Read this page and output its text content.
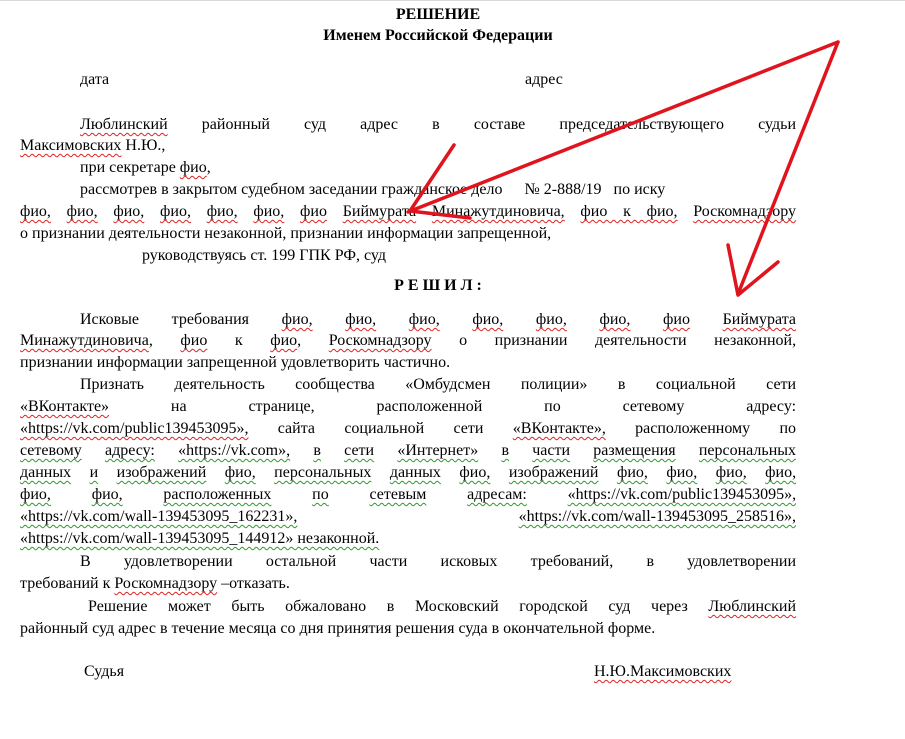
РЕШЕНИЕ
Именем Российской Федерации
дата	адрес
Люблинский районный суд адрес в составе председательствующего судьи
Максимовских Н.Ю.,
при секретаре фио,
рассмотрев в закрытом судебном заседании гражданское дело № 2-888/19 по иску
фио, фио, фио, фио, фио, фио, фио Биймурата Минажутдиновича, фио к фио, Роскомнадзору
о признании деятельности незаконной, признании информации запрещенной,
руководствуясь ст. 199 ГПК РФ, суд
Р Е Ш И Л :
Исковые требования фио, фио, фио, фио, фио, фио, фио Биймурата
Минажутдиновича, фио к фио, Роскомнадзору о признании деятельности незаконной,
признании информации запрещенной удовлетворить частично.
Признать деятельность сообщества «Омбудсмен полиции» в социальной сети
«ВКонтакте»	на	странице,	расположенной	по	сетевому	адресу:
«https://vk.com/public139453095», сайта социальной сети «ВКонтакте», расположенному по
сетевому адресу: «https://vk.com», в сети «Интернет» в части размещения персональных
данных и изображений фио, персональных данных фио, изображений фио, фио, фио, фио,
фио,	фио,	расположенных	по	сетевым	адресам:	«https://vk.com/public139453095»,
«https://vk.com/wall-139453095_162231»,	«https://vk.com/wall-139453095_258516»,
«https://vk.com/wall-139453095_144912» незаконной.
В удовлетворении остальной части исковых требований, в удовлетворении
требований к Роскомнадзору –отказать.
Решение может быть обжаловано в Московский городской суд через Люблинский
районный суд адрес в течение месяца со дня принятия решения суда в окончательной форме.
Судья	Н.Ю.Максимовских
